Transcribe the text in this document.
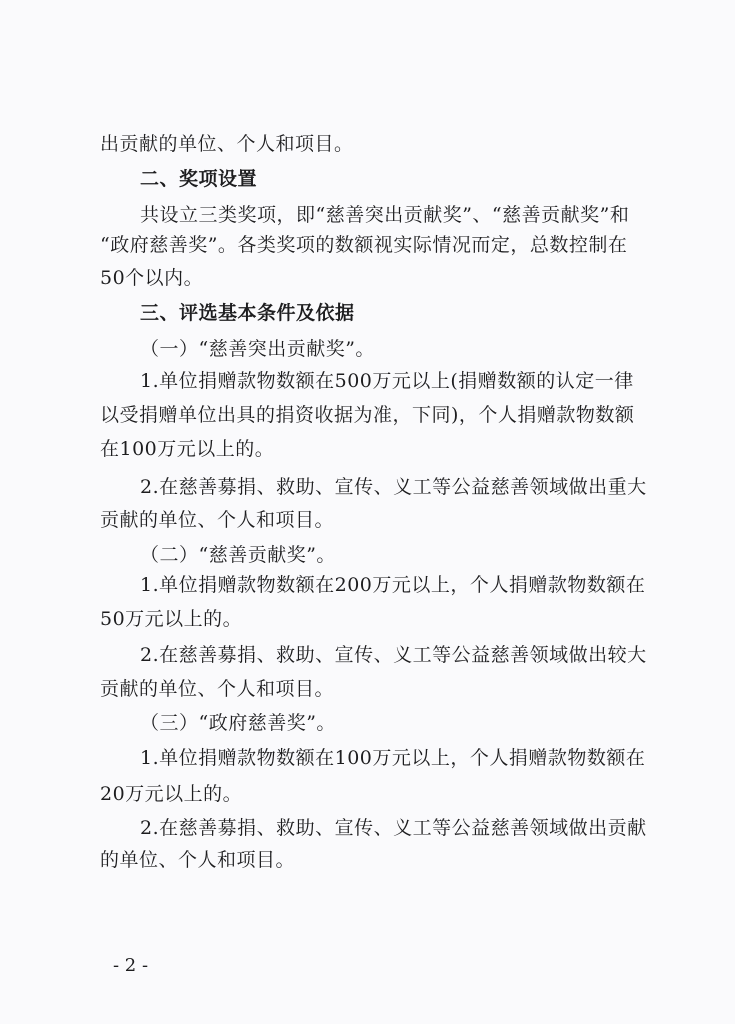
出贡献的单位、个人和项目。
二、奖项设置
共设立三类奖项，即“慈善突出贡献奖”、“慈善贡献奖”和
“政府慈善奖”。各类奖项的数额视实际情况而定，总数控制在
50个以内。
三、评选基本条件及依据
（一）“慈善突出贡献奖”。
1.单位捐赠款物数额在500万元以上(捐赠数额的认定一律
以受捐赠单位出具的捐资收据为准，下同)，个人捐赠款物数额
在100万元以上的。
2.在慈善募捐、救助、宣传、义工等公益慈善领域做出重大
贡献的单位、个人和项目。
（二）“慈善贡献奖”。
1.单位捐赠款物数额在200万元以上，个人捐赠款物数额在
50万元以上的。
2.在慈善募捐、救助、宣传、义工等公益慈善领域做出较大
贡献的单位、个人和项目。
（三）“政府慈善奖”。
1.单位捐赠款物数额在100万元以上，个人捐赠款物数额在
20万元以上的。
2.在慈善募捐、救助、宣传、义工等公益慈善领域做出贡献
的单位、个人和项目。
- 2 -
